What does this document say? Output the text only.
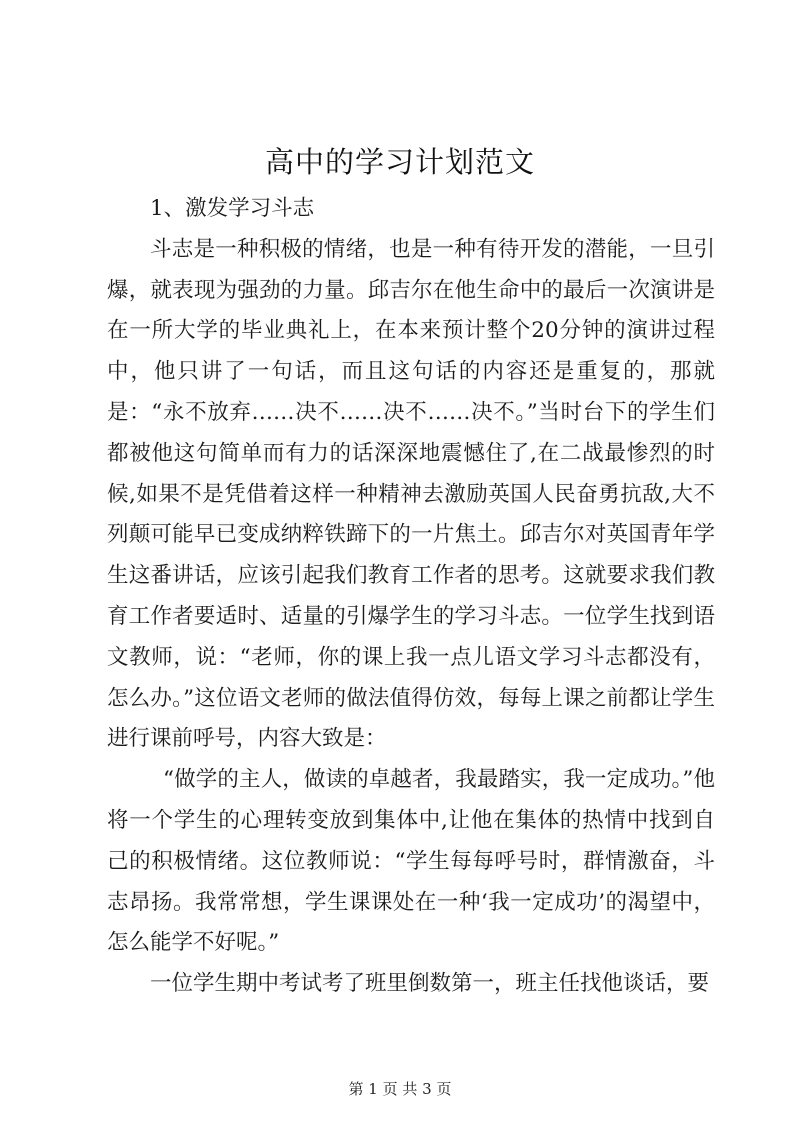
高中的学习计划范文

1、激发学习斗志

斗志是一种积极的情绪，也是一种有待开发的潜能，一旦引爆，就表现为强劲的力量。邱吉尔在他生命中的最后一次演讲是在一所大学的毕业典礼上，在本来预计整个20分钟的演讲过程中，他只讲了一句话，而且这句话的内容还是重复的，那就是：“永不放弃……决不……决不……决不。”当时台下的学生们都被他这句简单而有力的话深深地震憾住了,在二战最惨烈的时候,如果不是凭借着这样一种精神去激励英国人民奋勇抗敌,大不列颠可能早已变成纳粹铁蹄下的一片焦土。邱吉尔对英国青年学生这番讲话，应该引起我们教育工作者的思考。这就要求我们教育工作者要适时、适量的引爆学生的学习斗志。一位学生找到语文教师，说：“老师，你的课上我一点儿语文学习斗志都没有，怎么办。”这位语文老师的做法值得仿效，每每上课之前都让学生进行课前呼号，内容大致是：

“做学的主人，做读的卓越者，我最踏实，我一定成功。”他将一个学生的心理转变放到集体中,让他在集体的热情中找到自己的积极情绪。这位教师说：“学生每每呼号时，群情激奋，斗志昂扬。我常常想，学生课课处在一种‘我一定成功’的渴望中，怎么能学不好呢。”

一位学生期中考试考了班里倒数第一，班主任找他谈话，要

第 1 页 共 3 页
